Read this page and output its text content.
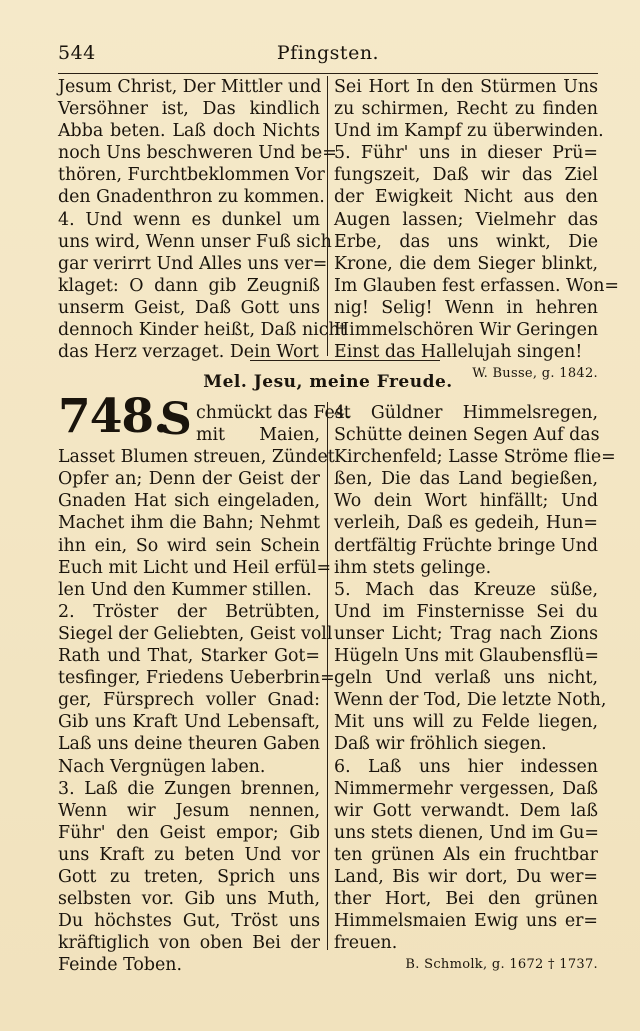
544	Pfingsten.
Jesum Christ, Der Mittler und
Versöhner ist, Das kindlich
Abba beten. Laß doch Nichts
noch Uns beschweren Und be=
thören, Furchtbeklommen Vor
den Gnadenthron zu kommen.
4. Und wenn es dunkel um
uns wird, Wenn unser Fuß sich
gar verirrt Und Alles uns ver=
klaget: O dann gib Zeugniß
unserm Geist, Daß Gott uns
dennoch Kinder heißt, Daß nicht
das Herz verzaget. Dein Wort
Sei Hort In den Stürmen Uns
zu schirmen, Recht zu finden
Und im Kampf zu überwinden.
5. Führ' uns in dieser Prü=
fungszeit, Daß wir das Ziel
der Ewigkeit Nicht aus den
Augen lassen; Vielmehr das
Erbe, das uns winkt, Die
Krone, die dem Sieger blinkt,
Im Glauben fest erfassen. Won=
nig! Selig! Wenn in hehren
Himmelschören Wir Geringen
Einst das Hallelujah singen!
W. Busse, g. 1842.
Mel. Jesu, meine Freude.
748.
S chmückt das Fest
mit Maien,
Lasset Blumen streuen, Zündet
Opfer an; Denn der Geist der
Gnaden Hat sich eingeladen,
Machet ihm die Bahn; Nehmt
ihn ein, So wird sein Schein
Euch mit Licht und Heil erfül=
len Und den Kummer stillen.
2. Tröster der Betrübten,
Siegel der Geliebten, Geist voll
Rath und That, Starker Got=
tesfinger, Friedens Ueberbrin=
ger, Fürsprech voller Gnad:
Gib uns Kraft Und Lebensaft,
Laß uns deine theuren Gaben
Nach Vergnügen laben.
3. Laß die Zungen brennen,
Wenn wir Jesum nennen,
Führ' den Geist empor; Gib
uns Kraft zu beten Und vor
Gott zu treten, Sprich uns
selbsten vor. Gib uns Muth,
Du höchstes Gut, Tröst uns
kräftiglich von oben Bei der
Feinde Toben.
4. Güldner Himmelsregen,
Schütte deinen Segen Auf das
Kirchenfeld; Lasse Ströme flie=
ßen, Die das Land begießen,
Wo dein Wort hinfällt; Und
verleih, Daß es gedeih, Hun=
dertfältig Früchte bringe Und
ihm stets gelinge.
5. Mach das Kreuze süße,
Und im Finsternisse Sei du
unser Licht; Trag nach Zions
Hügeln Uns mit Glaubensflü=
geln Und verlaß uns nicht,
Wenn der Tod, Die letzte Noth,
Mit uns will zu Felde liegen,
Daß wir fröhlich siegen.
6. Laß uns hier indessen
Nimmermehr vergessen, Daß
wir Gott verwandt. Dem laß
uns stets dienen, Und im Gu=
ten grünen Als ein fruchtbar
Land, Bis wir dort, Du wer=
ther Hort, Bei den grünen
Himmelsmaien Ewig uns er=
freuen.
B. Schmolk, g. 1672 † 1737.
